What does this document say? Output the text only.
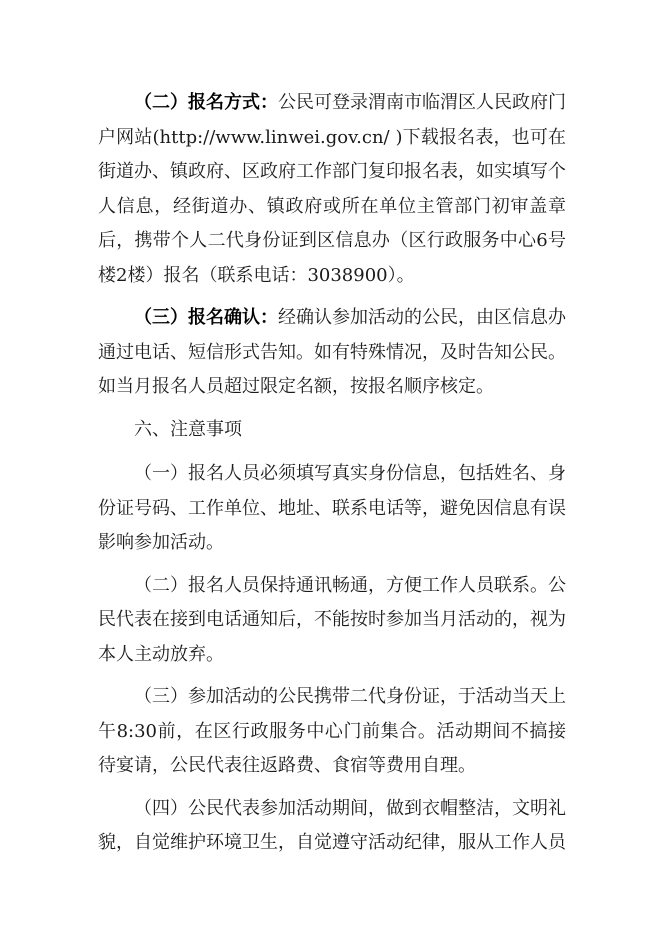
（二）报名方式：公民可登录渭南市临渭区人民政府门户网站(http://www.linwei.gov.cn/ )下载报名表，也可在街道办、镇政府、区政府工作部门复印报名表，如实填写个人信息，经街道办、镇政府或所在单位主管部门初审盖章后，携带个人二代身份证到区信息办（区行政服务中心6号楼2楼）报名（联系电话：3038900）。

（三）报名确认：经确认参加活动的公民，由区信息办通过电话、短信形式告知。如有特殊情况，及时告知公民。如当月报名人员超过限定名额，按报名顺序核定。

六、注意事项

（一）报名人员必须填写真实身份信息，包括姓名、身份证号码、工作单位、地址、联系电话等，避免因信息有误影响参加活动。

（二）报名人员保持通讯畅通，方便工作人员联系。公民代表在接到电话通知后，不能按时参加当月活动的，视为本人主动放弃。

（三）参加活动的公民携带二代身份证，于活动当天上午8:30前，在区行政服务中心门前集合。活动期间不搞接待宴请，公民代表往返路费、食宿等费用自理。

（四）公民代表参加活动期间，做到衣帽整洁，文明礼貌，自觉维护环境卫生，自觉遵守活动纪律，服从工作人员
